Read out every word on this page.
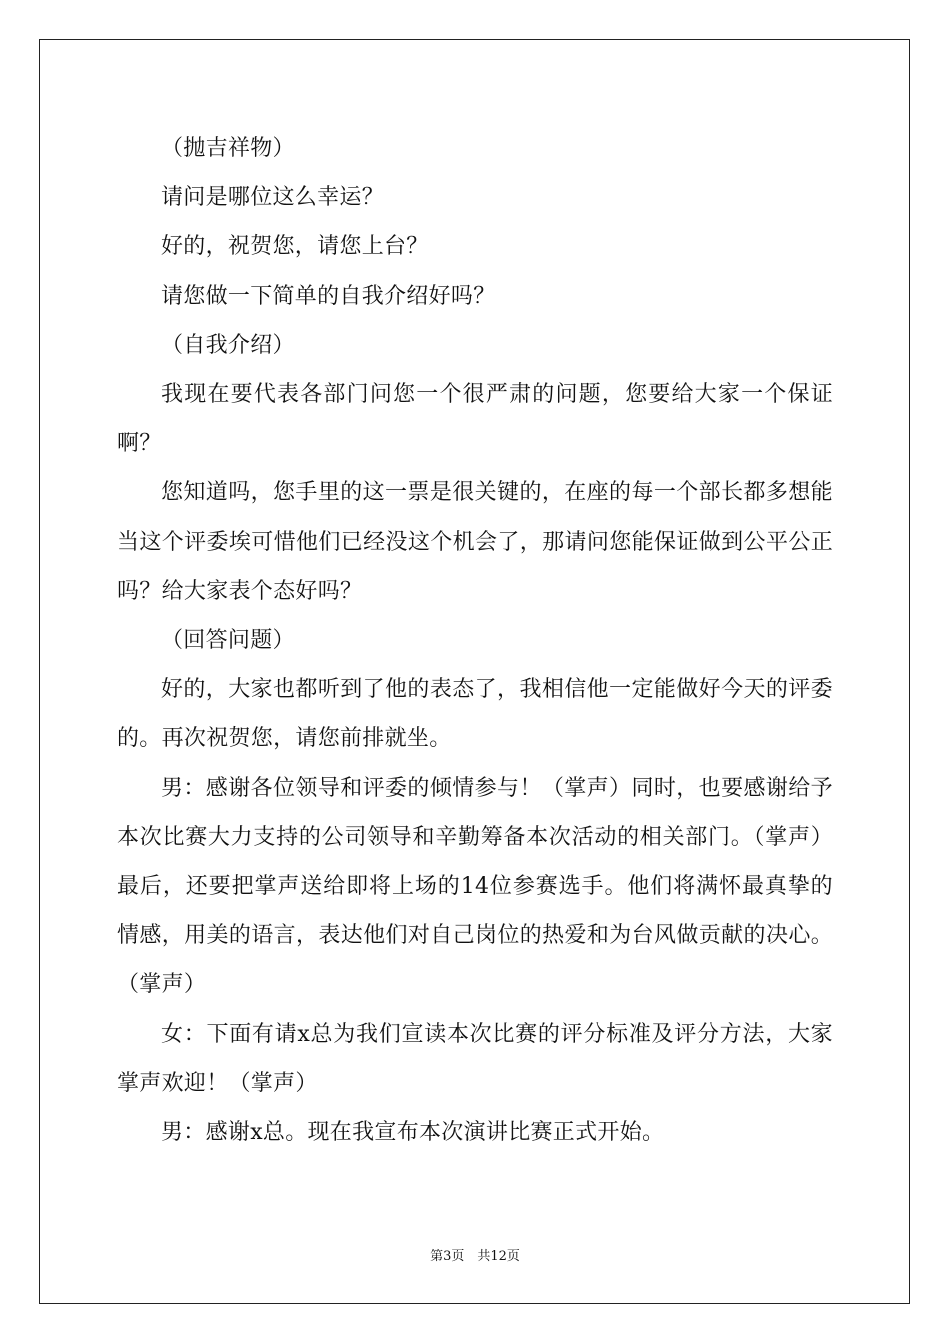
（抛吉祥物）

请问是哪位这么幸运？

好的，祝贺您，请您上台？

请您做一下简单的自我介绍好吗？

（自我介绍）

我现在要代表各部门问您一个很严肃的问题，您要给大家一个保证啊？

您知道吗，您手里的这一票是很关键的，在座的每一个部长都多想能当这个评委埃可惜他们已经没这个机会了，那请问您能保证做到公平公正吗？给大家表个态好吗？

（回答问题）

好的，大家也都听到了他的表态了，我相信他一定能做好今天的评委的。再次祝贺您，请您前排就坐。

男：感谢各位领导和评委的倾情参与！（掌声）同时，也要感谢给予本次比赛大力支持的公司领导和辛勤筹备本次活动的相关部门。（掌声）最后，还要把掌声送给即将上场的14位参赛选手。他们将满怀最真挚的情感，用美的语言，表达他们对自己岗位的热爱和为台风做贡献的决心。（掌声）

女：下面有请x总为我们宣读本次比赛的评分标准及评分方法，大家掌声欢迎！（掌声）

男：感谢x总。现在我宣布本次演讲比赛正式开始。

第3页　共12页
